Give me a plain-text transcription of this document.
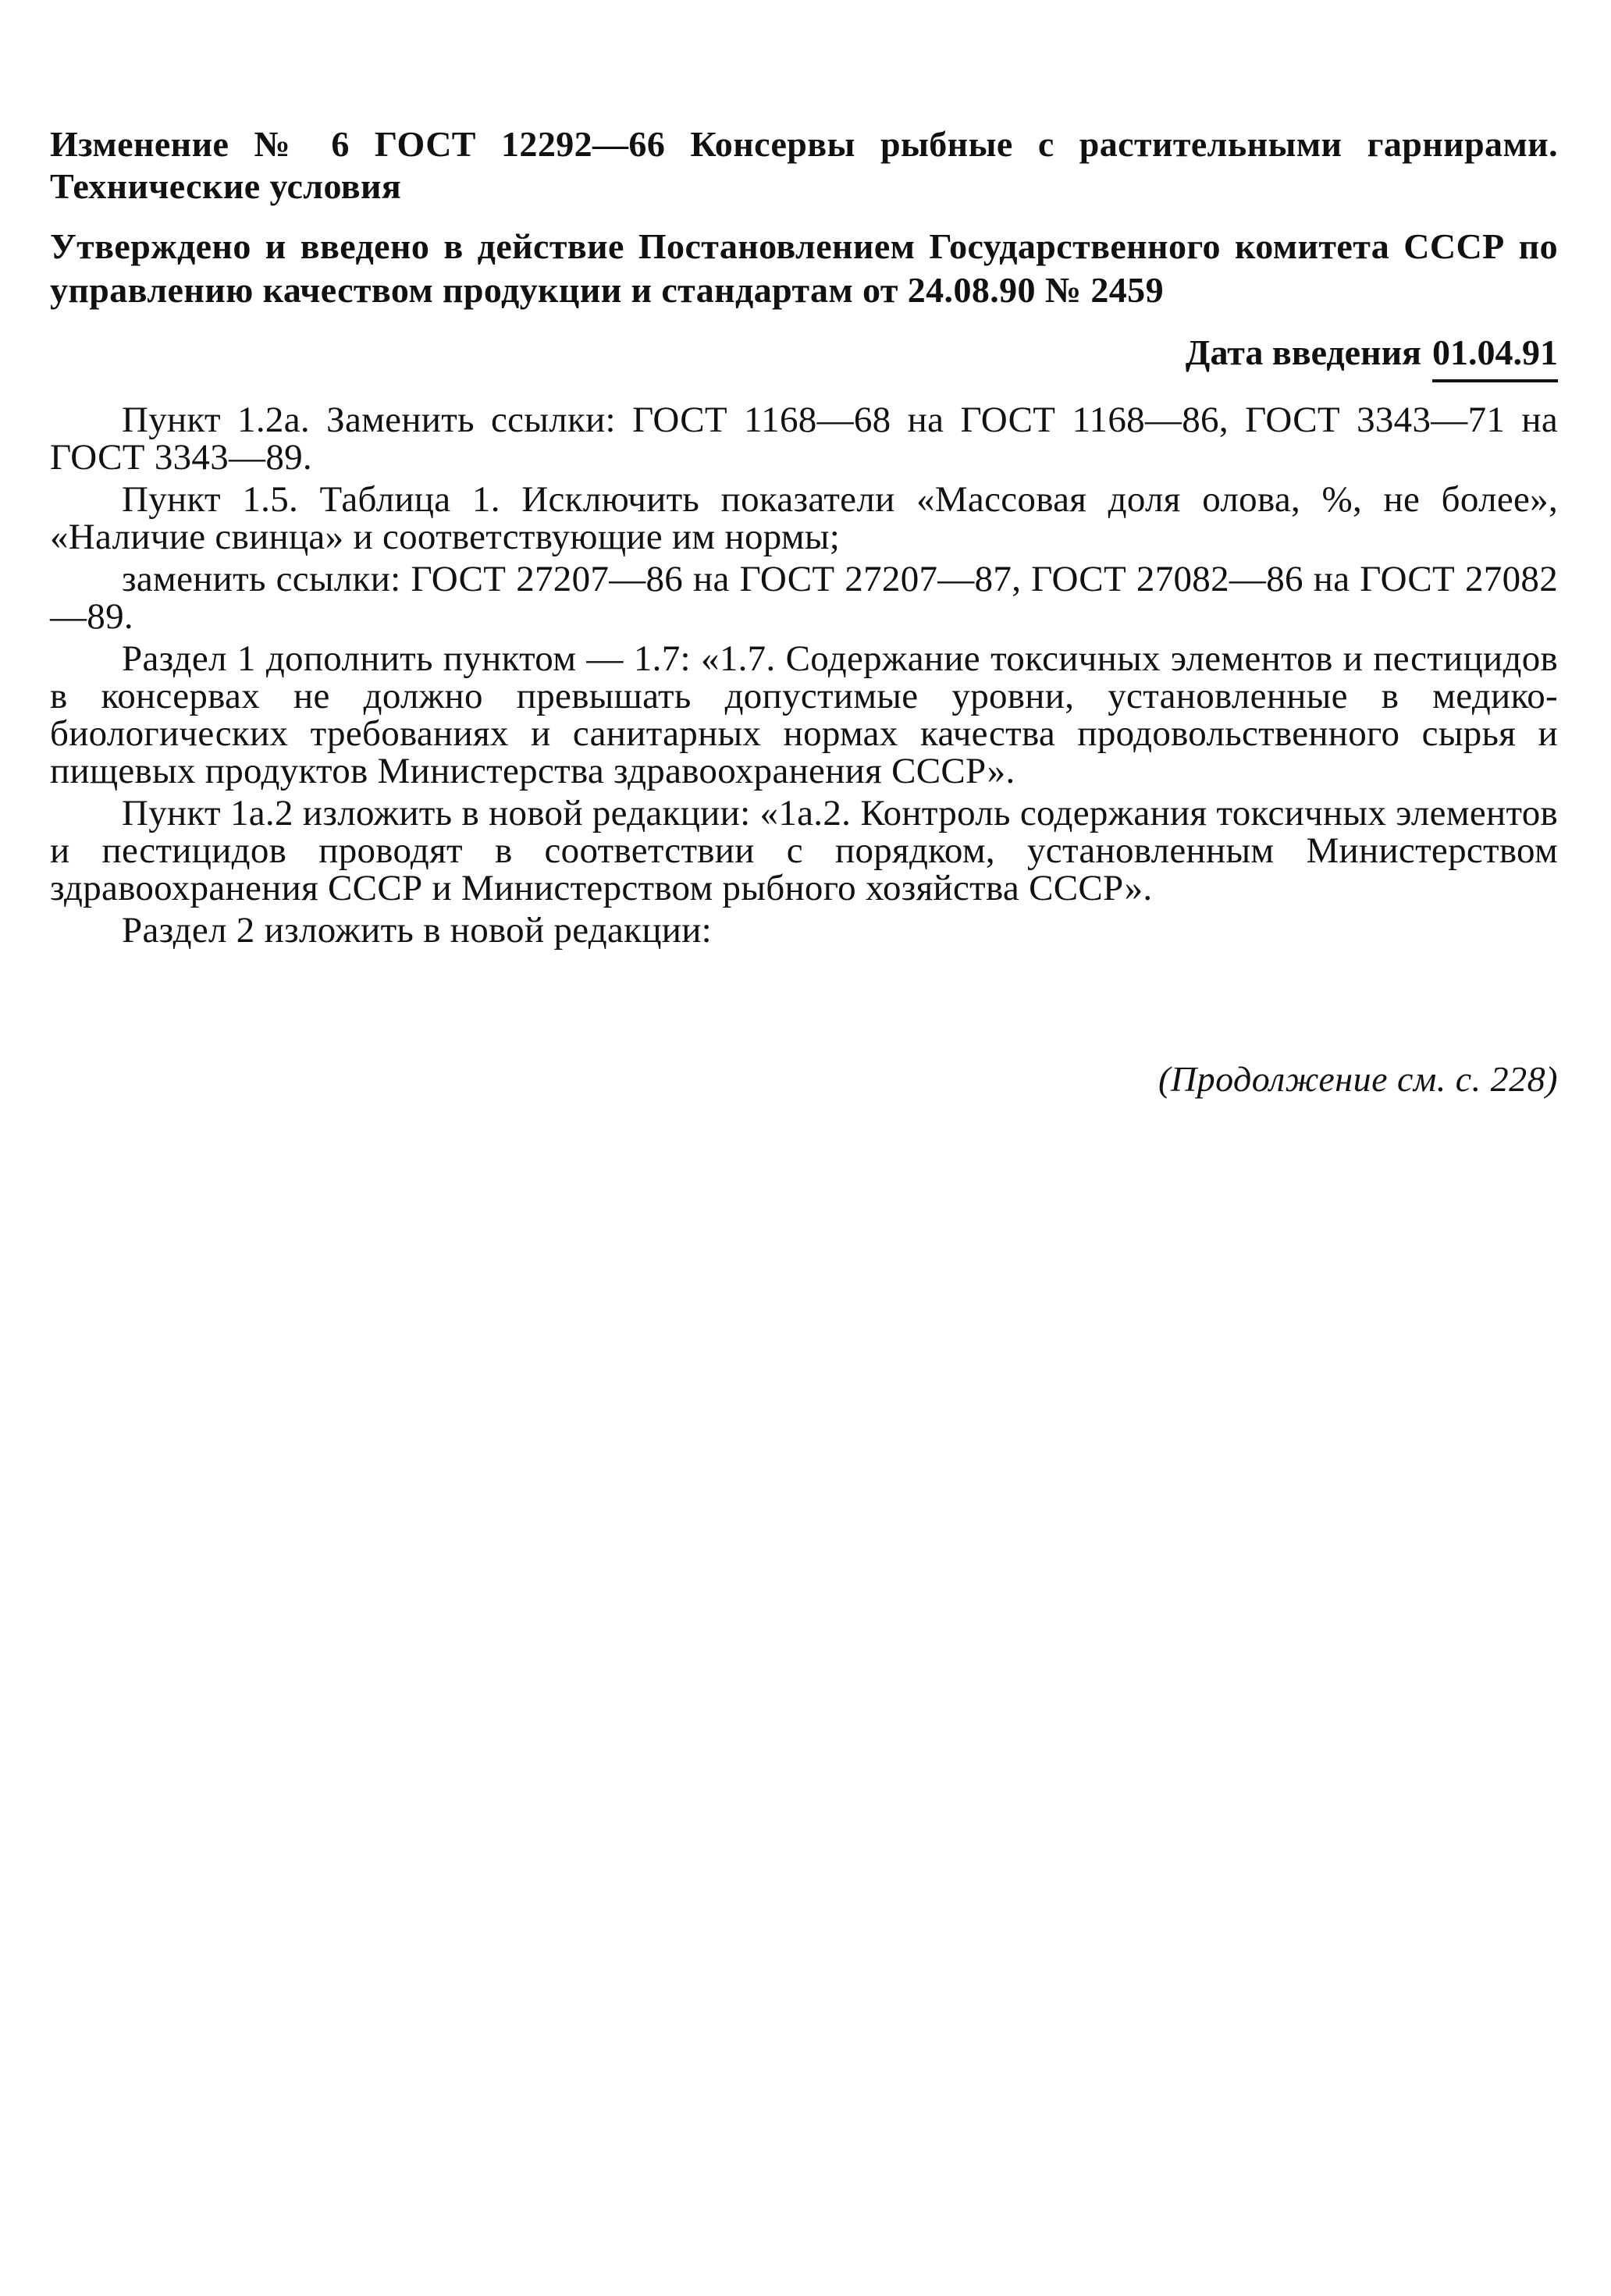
Изменение № 6 ГОСТ 12292—66 Консервы рыбные с растительными гарнирами. Технические условия

Утверждено и введено в действие Постановлением Государственного комитета СССР по управлению качеством продукции и стандартам от 24.08.90 № 2459

Дата введения 01.04.91

Пункт 1.2а. Заменить ссылки: ГОСТ 1168—68 на ГОСТ 1168—86, ГОСТ 3343—71 на ГОСТ 3343—89.

Пункт 1.5. Таблица 1. Исключить показатели «Массовая доля олова, %, не более», «Наличие свинца» и соответствующие им нормы;

заменить ссылки: ГОСТ 27207—86 на ГОСТ 27207—87, ГОСТ 27082—86 на ГОСТ 27082—89.

Раздел 1 дополнить пунктом — 1.7: «1.7. Содержание токсичных элементов и пестицидов в консервах не должно превышать допустимые уровни, установленные в медико-биологических требованиях и санитарных нормах качества продовольственного сырья и пищевых продуктов Министерства здравоохранения СССР».

Пункт 1а.2 изложить в новой редакции: «1а.2. Контроль содержания токсичных элементов и пестицидов проводят в соответствии с порядком, установленным Министерством здравоохранения СССР и Министерством рыбного хозяйства СССР».

Раздел 2 изложить в новой редакции:

(Продолжение см. с. 228)
